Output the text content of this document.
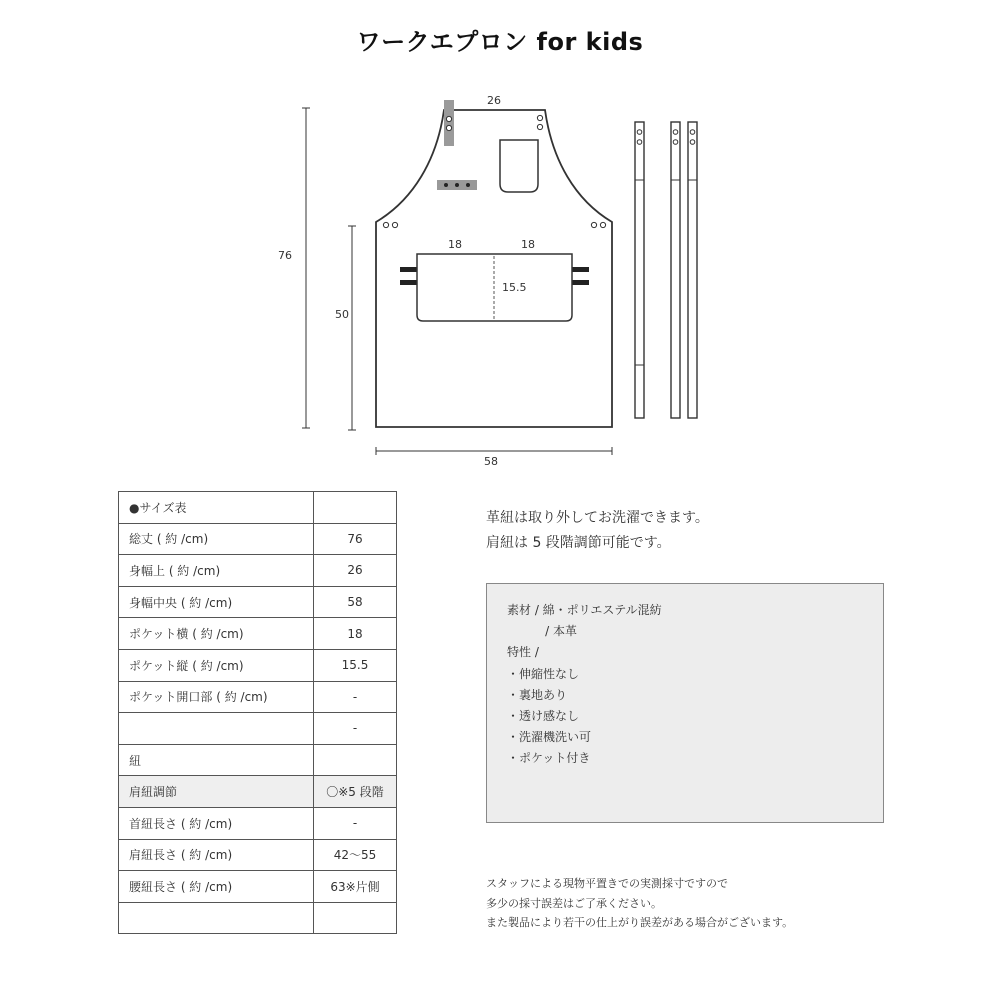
ワークエプロン for kids
26
18	18
15.5
76
50
58
●サイズ表	
総丈 ( 約 /cm)	76
身幅上 ( 約 /cm)	26
身幅中央 ( 約 /cm)	58
ポケット横 ( 約 /cm)	18
ポケット縦 ( 約 /cm)	15.5
ポケット開口部 ( 約 /cm)	-
	-
紐	
肩紐調節	〇※5 段階
首紐長さ ( 約 /cm)	-
肩紐長さ ( 約 /cm)	42〜55
腰紐長さ ( 約 /cm)	63※片側

革紐は取り外してお洗濯できます。
肩紐は 5 段階調節可能です。
素材 / 綿・ポリエステル混紡
/ 本革
特性 /
・伸縮性なし
・裏地あり
・透け感なし
・洗濯機洗い可
・ポケット付き
スタッフによる現物平置きでの実測採寸ですので
多少の採寸誤差はご了承ください。
また製品により若干の仕上がり誤差がある場合がございます。
